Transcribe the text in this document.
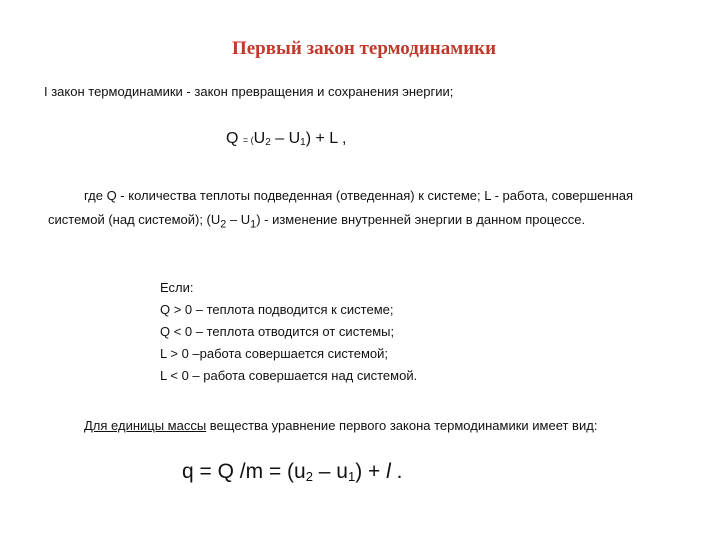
Первый закон термодинамики
I закон термодинамики - закон превращения и сохранения энергии;
$Q = (U_2 - U_1) + L$ ,
где Q - количества теплоты подведенная (отведенная) к системе; L - работа, совершенная системой (над системой); $(U_2 - U_1)$ - изменение внутренней энергии в данном процессе.
Если:
Q > 0 – теплота подводится к системе;
Q < 0 – теплота отводится от системы;
L > 0 –работа совершается системой;
L < 0 – работа совершается над системой.
Для единицы массы вещества уравнение первого закона термодинамики имеет вид:
q = Q $/m = (u_2 - u_1) + l$ .
